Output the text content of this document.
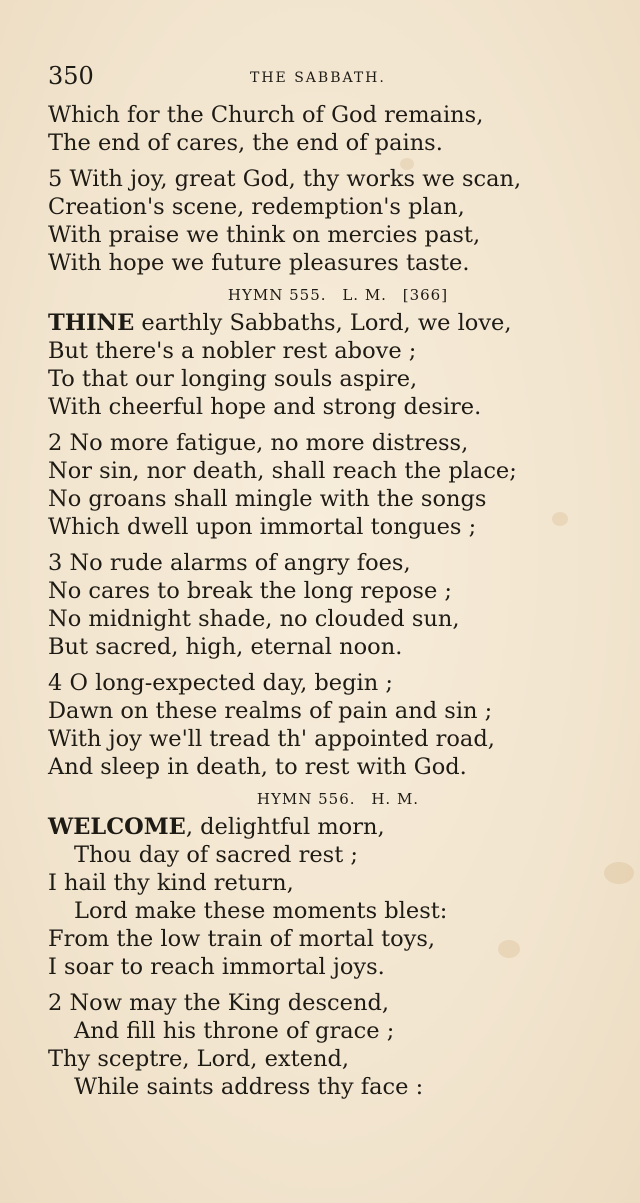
350	THE SABBATH.
Which for the Church of God remains,
The end of cares, the end of pains.
5 With joy, great God, thy works we scan,
Creation's scene, redemption's plan,
With praise we think on mercies past,
With hope we future pleasures taste.
HYMN 555. L. M. [366]
THINE earthly Sabbaths, Lord, we love,
But there's a nobler rest above ;
To that our longing souls aspire,
With cheerful hope and strong desire.
2 No more fatigue, no more distress,
Nor sin, nor death, shall reach the place;
No groans shall mingle with the songs
Which dwell upon immortal tongues ;
3 No rude alarms of angry foes,
No cares to break the long repose ;
No midnight shade, no clouded sun,
But sacred, high, eternal noon.
4 O long-expected day, begin ;
Dawn on these realms of pain and sin ;
With joy we'll tread th' appointed road,
And sleep in death, to rest with God.
HYMN 556. H. M.
WELCOME, delightful morn,
Thou day of sacred rest ;
I hail thy kind return,
Lord make these moments blest:
From the low train of mortal toys,
I soar to reach immortal joys.
2 Now may the King descend,
And fill his throne of grace ;
Thy sceptre, Lord, extend,
While saints address thy face :
